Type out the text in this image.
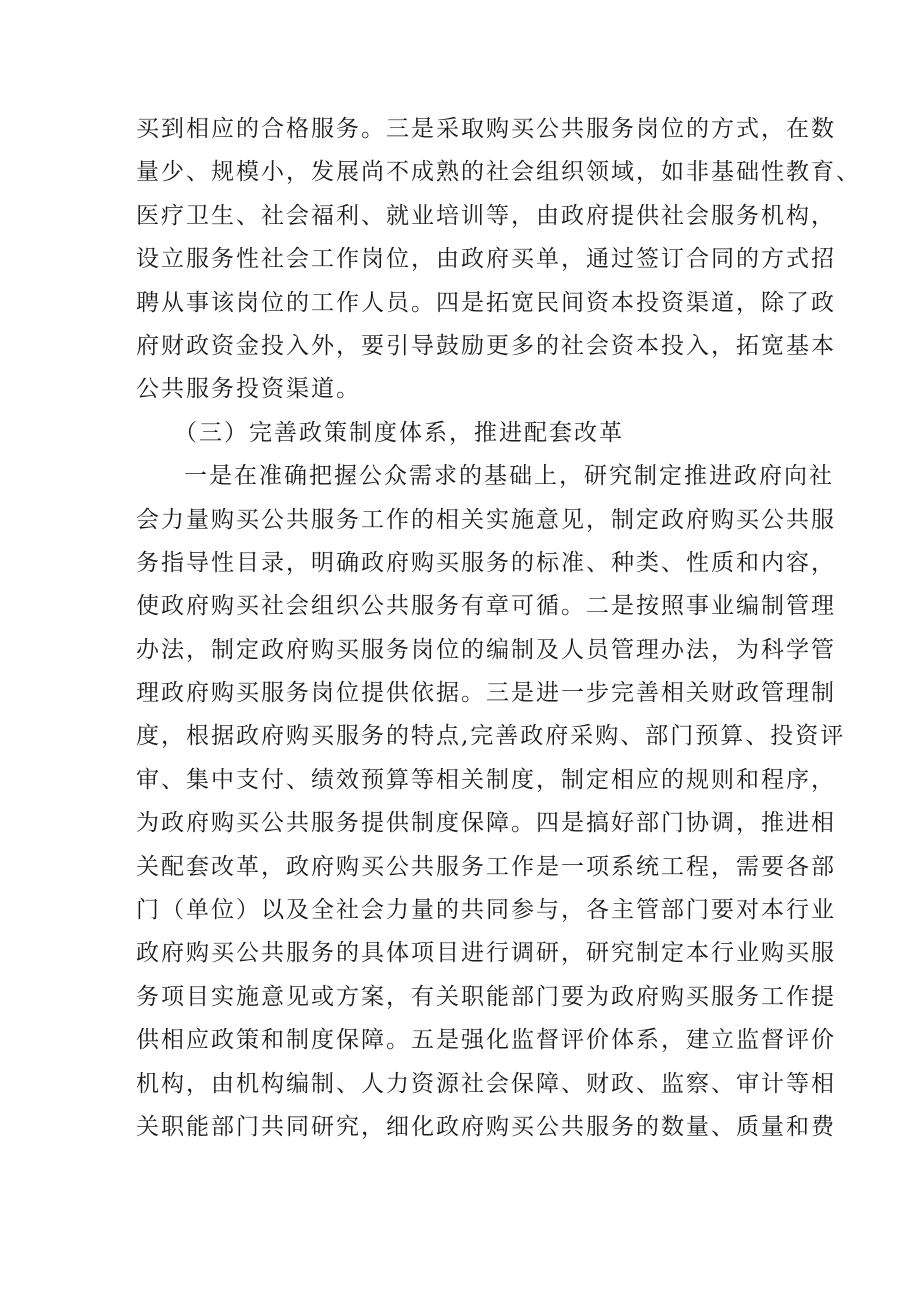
买到相应的合格服务。三是采取购买公共服务岗位的方式，在数
量少、规模小，发展尚不成熟的社会组织领域，如非基础性教育、
医疗卫生、社会福利、就业培训等，由政府提供社会服务机构，
设立服务性社会工作岗位，由政府买单，通过签订合同的方式招
聘从事该岗位的工作人员。四是拓宽民间资本投资渠道，除了政
府财政资金投入外，要引导鼓励更多的社会资本投入，拓宽基本
公共服务投资渠道。
（三）完善政策制度体系，推进配套改革
一是在准确把握公众需求的基础上，研究制定推进政府向社
会力量购买公共服务工作的相关实施意见，制定政府购买公共服
务指导性目录，明确政府购买服务的标准、种类、性质和内容，
使政府购买社会组织公共服务有章可循。二是按照事业编制管理
办法，制定政府购买服务岗位的编制及人员管理办法，为科学管
理政府购买服务岗位提供依据。三是进一步完善相关财政管理制
度，根据政府购买服务的特点,完善政府采购、部门预算、投资评
审、集中支付、绩效预算等相关制度，制定相应的规则和程序，
为政府购买公共服务提供制度保障。四是搞好部门协调，推进相
关配套改革，政府购买公共服务工作是一项系统工程，需要各部
门（单位）以及全社会力量的共同参与，各主管部门要对本行业
政府购买公共服务的具体项目进行调研，研究制定本行业购买服
务项目实施意见或方案，有关职能部门要为政府购买服务工作提
供相应政策和制度保障。五是强化监督评价体系，建立监督评价
机构，由机构编制、人力资源社会保障、财政、监察、审计等相
关职能部门共同研究，细化政府购买公共服务的数量、质量和费
